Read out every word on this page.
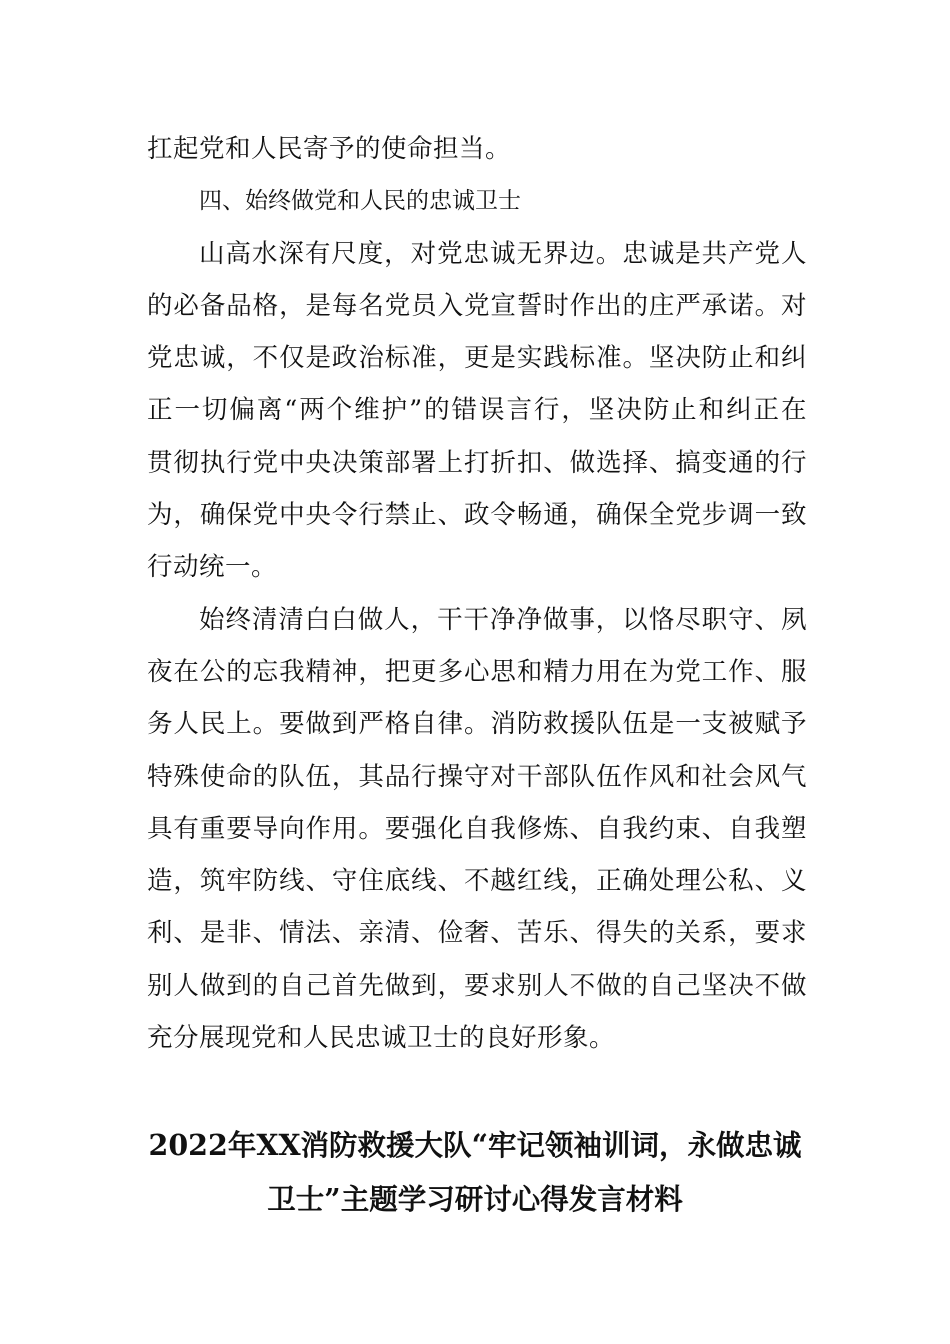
扛起党和人民寄予的使命担当。
四、始终做党和人民的忠诚卫士
山高水深有尺度，对党忠诚无界边。忠诚是共产党人
的必备品格，是每名党员入党宣誓时作出的庄严承诺。对
党忠诚，不仅是政治标准，更是实践标准。坚决防止和纠
正一切偏离“两个维护”的错误言行，坚决防止和纠正在
贯彻执行党中央决策部署上打折扣、做选择、搞变通的行
为，确保党中央令行禁止、政令畅通，确保全党步调一致
行动统一。
始终清清白白做人，干干净净做事，以恪尽职守、夙
夜在公的忘我精神，把更多心思和精力用在为党工作、服
务人民上。要做到严格自律。消防救援队伍是一支被赋予
特殊使命的队伍，其品行操守对干部队伍作风和社会风气
具有重要导向作用。要强化自我修炼、自我约束、自我塑
造，筑牢防线、守住底线、不越红线，正确处理公私、义
利、是非、情法、亲清、俭奢、苦乐、得失的关系，要求
别人做到的自己首先做到，要求别人不做的自己坚决不做
充分展现党和人民忠诚卫士的良好形象。
2022年XX消防救援大队“牢记领袖训词，永做忠诚
卫士”主题学习研讨心得发言材料
